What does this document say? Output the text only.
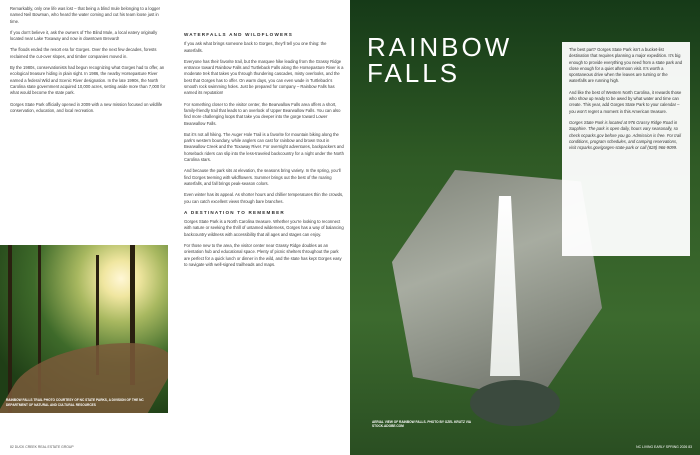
Remarkably, only one life was lost – that being a blind mule belonging to a logger named Neil Bowman, who heard the water coming and cut his team loose just in time.

If you don’t believe it, ask the owners of The Blind Mule, a local eatery originally located near Lake Toxaway and now in downtown Brevard!

The floods ended the resort era for Gorges. Over the next few decades, forests reclaimed the cut-over slopes, and timber companies moved in.

By the 1980s, conservationists had begun recognizing what Gorges had to offer, an ecological treasure hiding in plain sight. In 1986, the nearby Horsepasture River earned a federal Wild and Scenic River designation. In the late 1990s, the North Carolina state government acquired 10,000 acres, setting aside more than 7,000 for what would become the state park.

Gorges State Park officially opened in 2009 with a new mission focused on wildlife conservation, education, and local recreation.

RAINBOW FALLS TRAIL PHOTO COURTESY OF NC STATE PARKS, A DIVISION OF THE NC DEPARTMENT OF NATURAL AND CULTURAL RESOURCES
WATERFALLS AND WILDFLOWERS

If you ask what brings someone back to Gorges, they’ll tell you one thing: the waterfalls.

Everyone has their favorite trail, but the marquee hike leading from the Grassy Ridge entrance toward Rainbow Falls and Turtleback Falls along the Horsepasture River is a moderate trek that takes you through thundering cascades, misty overlooks, and the best that Gorges has to offer. On warm days, you can even wade in Turtleback’s smooth rock swimming holes. Just be prepared for company – Rainbow Falls has earned its reputation!

For something closer to the visitor center, the Bearwallow Falls area offers a short, family-friendly trail that leads to an overlook of Upper Bearwallow Falls. You can also find more challenging loops that take you deeper into the gorge toward Lower Bearwallow Falls.

But it’s not all hiking. The Auger Hole Trail is a favorite for mountain biking along the park’s western boundary, while anglers can cast for rainbow and brown trout in Bearwallow Creek and the Toxaway River. For overnight adventures, backpackers and horseback riders can slip into the less-traveled backcountry for a night under the North Carolina stars.

And because the park sits at elevation, the seasons bring variety. In the spring, you’ll find Gorges teeming with wildflowers. Summer brings out the best of the roaring waterfalls, and fall brings peak-season colors.

Even winter has its appeal. As shorter hours and chillier temperatures thin the crowds, you can catch excellent views through bare branches.

A DESTINATION TO REMEMBER

Gorges State Park is a North Carolina treasure. Whether you’re looking to reconnect with nature or seeking the thrill of untamed wilderness, Gorges has a way of balancing backcountry wildness with accessibility that all ages and stages can enjoy.

For those new to the area, the visitor center near Grassy Ridge doubles as an orientation hub and educational space. Plenty of picnic shelters throughout the park are perfect for a quick lunch or dinner in the wild, and the state has kept Gorges easy to navigate with well-signed trailheads and maps.

82 DUCK CREEK REAL ESTATE GROUP
RAINBOW
FALLS

The best part? Gorges State Park isn’t a bucket-list destination that requires planning a major expedition. It’s big enough to provide everything you need from a state park and close enough for a quiet afternoon visit. It’s worth a spontaneous drive when the leaves are turning or the waterfalls are running high.

And like the best of Western North Carolina, it rewards those who show up ready to be awed by what water and time can create. This year, add Gorges State Park to your calendar – you won’t regret a moment in this American treasure.

Gorges State Park is located at 976 Grassy Ridge Road in Sapphire. The park is open daily, hours vary seasonally, so check ncparks.gov before you go. Admission is free. For trail conditions, program schedules, and camping reservations, visit ncparks.gov/gorges-state-park or call (828) 966-9099.

AERIAL VIEW OF RAINBOW FALLS. PHOTO BY OZEL KRUTZ VIA STOCK.ADOBE.COM
NC LIVING EARLY SPRING 2026 83
